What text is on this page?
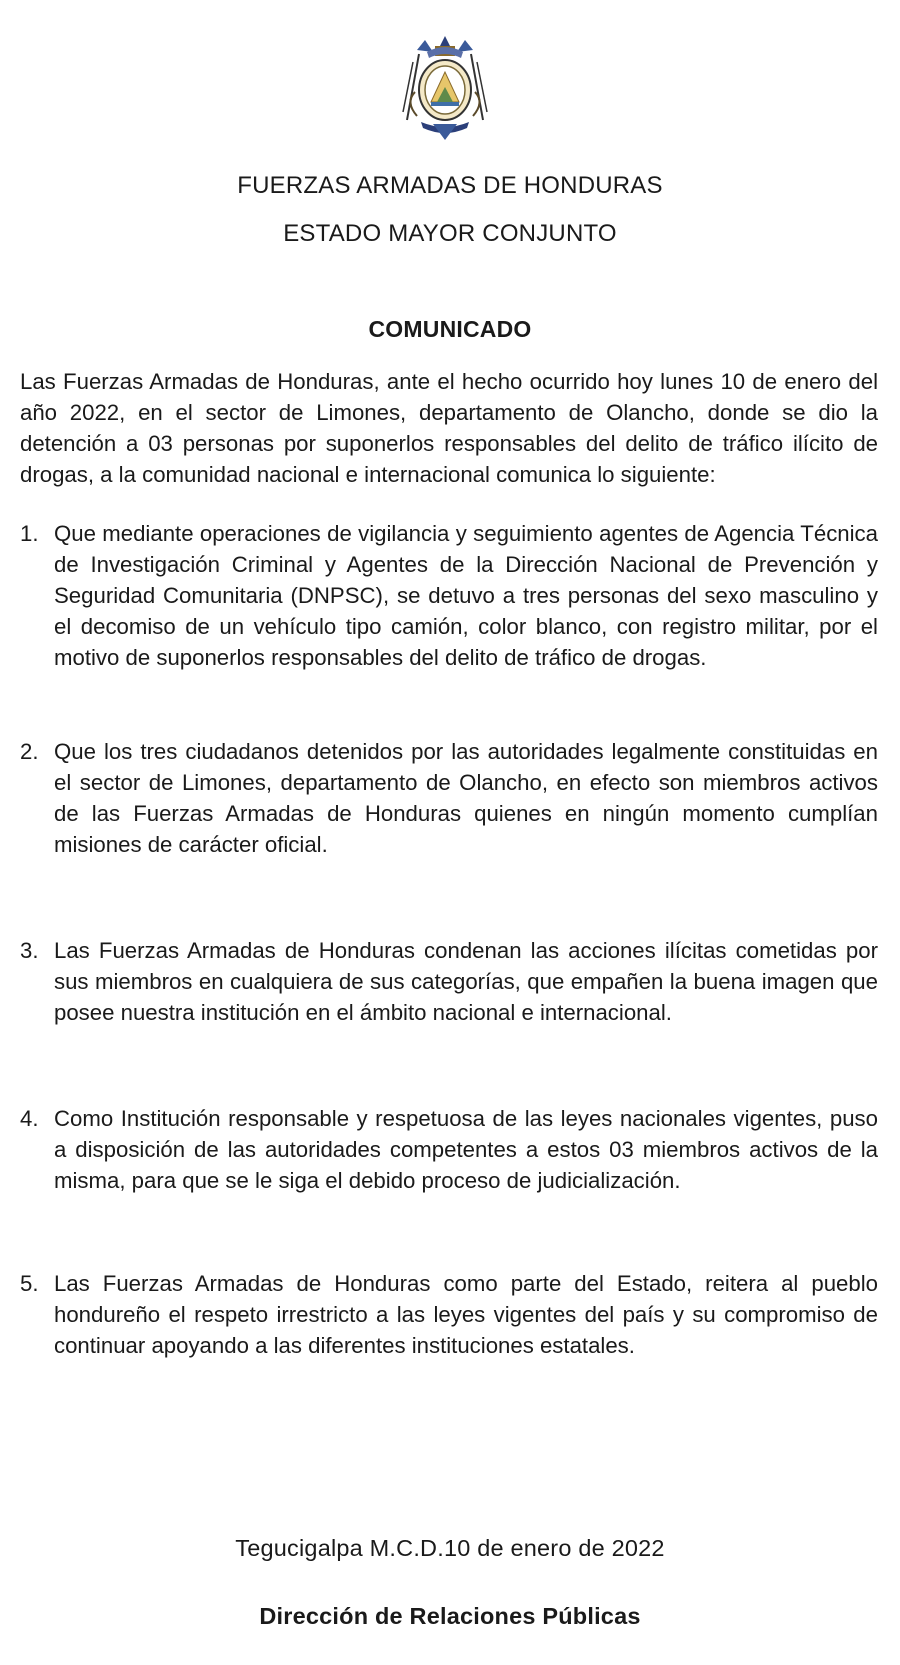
FUERZAS ARMADAS DE HONDURAS
ESTADO MAYOR CONJUNTO
COMUNICADO
Las Fuerzas Armadas de Honduras, ante el hecho ocurrido hoy lunes 10 de enero del año 2022, en el sector de Limones, departamento de Olancho, donde se dio la detención a 03 personas por suponerlos responsables del delito de tráfico ilícito de drogas, a la comunidad nacional e internacional comunica lo siguiente:
1. Que mediante operaciones de vigilancia y seguimiento agentes de Agencia Técnica de Investigación Criminal y Agentes de la Dirección Nacional de Prevención y Seguridad Comunitaria (DNPSC), se detuvo a tres personas del sexo masculino y el decomiso de un vehículo tipo camión, color blanco, con registro militar, por el motivo de suponerlos responsables del delito de tráfico de drogas.
2. Que los tres ciudadanos detenidos por las autoridades legalmente constituidas en el sector de Limones, departamento de Olancho, en efecto son miembros activos de las Fuerzas Armadas de Honduras quienes en ningún momento cumplían misiones de carácter oficial.
3. Las Fuerzas Armadas de Honduras condenan las acciones ilícitas cometidas por sus miembros en cualquiera de sus categorías, que empañen la buena imagen que posee nuestra institución en el ámbito nacional e internacional.
4. Como Institución responsable y respetuosa de las leyes nacionales vigentes, puso a disposición de las autoridades competentes a estos 03 miembros activos de la misma, para que se le siga el debido proceso de judicialización.
5. Las Fuerzas Armadas de Honduras como parte del Estado, reitera al pueblo hondureño el respeto irrestricto a las leyes vigentes del país y su compromiso de continuar apoyando a las diferentes instituciones estatales.
Tegucigalpa M.C.D.10 de enero de 2022
Dirección de Relaciones Públicas
